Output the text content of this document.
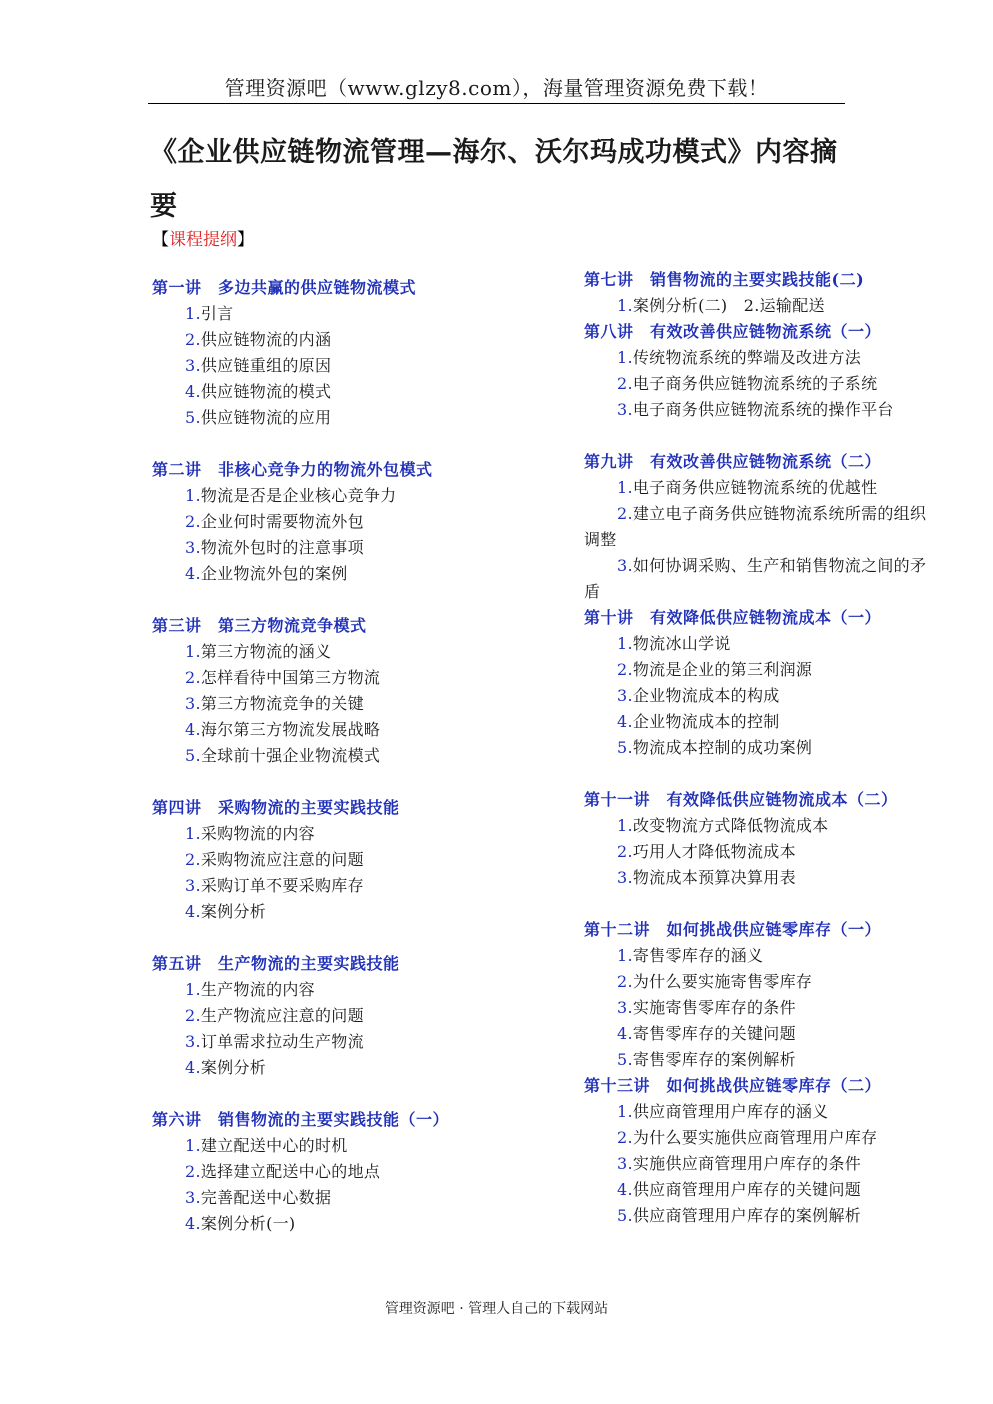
管理资源吧（www.glzy8.com），海量管理资源免费下载！
《企业供应链物流管理—海尔、沃尔玛成功模式》内容摘要
【课程提纲】
第一讲　多边共赢的供应链物流模式
1.引言
2.供应链物流的内涵
3.供应链重组的原因
4.供应链物流的模式
5.供应链物流的应用
第二讲　非核心竞争力的物流外包模式
1.物流是否是企业核心竞争力
2.企业何时需要物流外包
3.物流外包时的注意事项
4.企业物流外包的案例
第三讲　第三方物流竞争模式
1.第三方物流的涵义
2.怎样看待中国第三方物流
3.第三方物流竞争的关键
4.海尔第三方物流发展战略
5.全球前十强企业物流模式
第四讲　采购物流的主要实践技能
1.采购物流的内容
2.采购物流应注意的问题
3.采购订单不要采购库存
4.案例分析
第五讲　生产物流的主要实践技能
1.生产物流的内容
2.生产物流应注意的问题
3.订单需求拉动生产物流
4.案例分析
第六讲　销售物流的主要实践技能（一）
1.建立配送中心的时机
2.选择建立配送中心的地点
3.完善配送中心数据
4.案例分析(一)
第七讲　销售物流的主要实践技能(二)
1.案例分析(二)　2.运输配送
第八讲　有效改善供应链物流系统（一）
1.传统物流系统的弊端及改进方法
2.电子商务供应链物流系统的子系统
3.电子商务供应链物流系统的操作平台
第九讲　有效改善供应链物流系统（二）
1.电子商务供应链物流系统的优越性
2.建立电子商务供应链物流系统所需的组织调整
3.如何协调采购、生产和销售物流之间的矛盾
第十讲　有效降低供应链物流成本（一）
1.物流冰山学说
2.物流是企业的第三利润源
3.企业物流成本的构成
4.企业物流成本的控制
5.物流成本控制的成功案例
第十一讲　有效降低供应链物流成本（二）
1.改变物流方式降低物流成本
2.巧用人才降低物流成本
3.物流成本预算决算用表
第十二讲　如何挑战供应链零库存（一）
1.寄售零库存的涵义
2.为什么要实施寄售零库存
3.实施寄售零库存的条件
4.寄售零库存的关键问题
5.寄售零库存的案例解析
第十三讲　如何挑战供应链零库存（二）
1.供应商管理用户库存的涵义
2.为什么要实施供应商管理用户库存
3.实施供应商管理用户库存的条件
4.供应商管理用户库存的关键问题
5.供应商管理用户库存的案例解析
管理资源吧 · 管理人自己的下载网站
